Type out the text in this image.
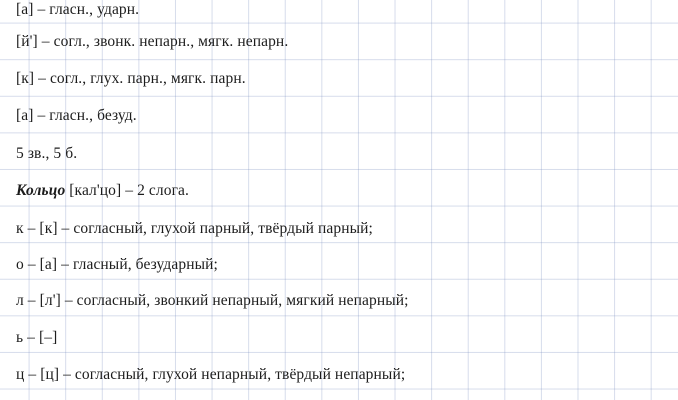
[а] – гласн., ударн.
[й'] – согл., звонк. непарн., мягк. непарн.
[к] – согл., глух. парн., мягк. парн.
[а] – гласн., безуд.
5 зв., 5 б.
Кольцо [кал'цо] – 2 слога.
к – [к] – согласный, глухой парный, твёрдый парный;
о – [а] – гласный, безударный;
л – [л'] – согласный, звонкий непарный, мягкий непарный;
ь – [–]
ц – [ц] – согласный, глухой непарный, твёрдый непарный;
